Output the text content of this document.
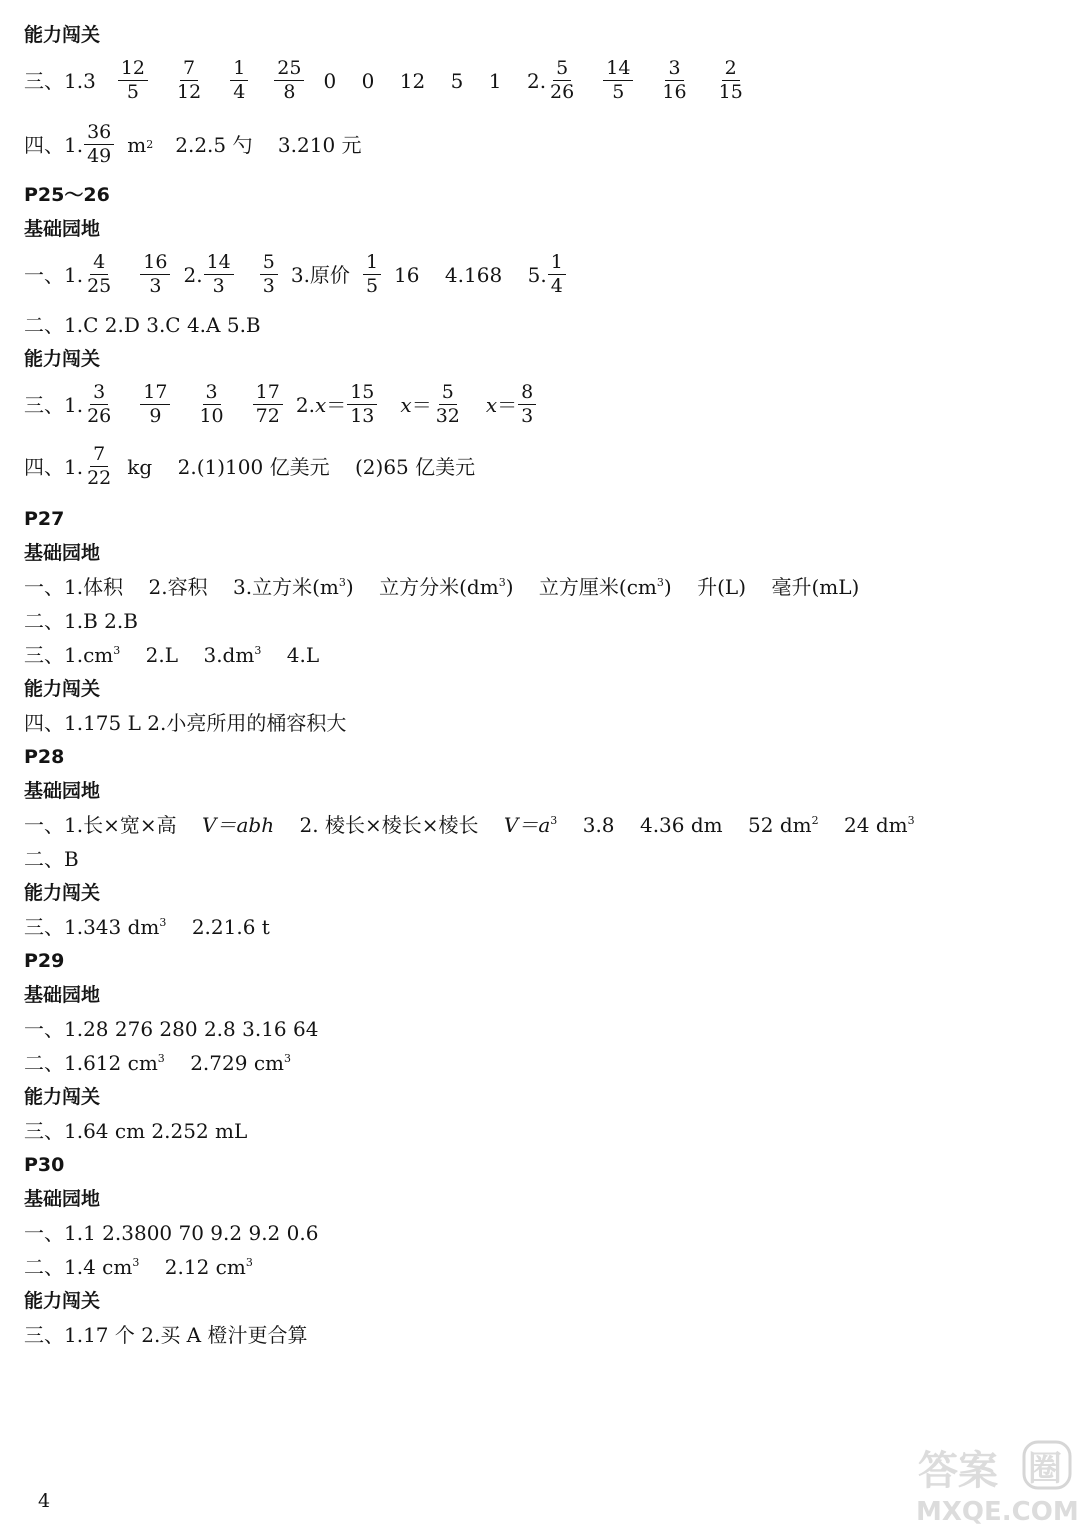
能力闯关
三、$1.3 \frac{12}{5} \frac{7}{12} \frac{1}{4} \frac{25}{8} 0$    0    12    5    1    2. $\frac{5}{26} \frac{14}{5} \frac{3}{16} \frac{2}{15}$
四、1. $\frac{36}{49}$ m 2 2.2.5 勺    3.210 元
P25～26
基础园地
一、1. $\frac{4}{25} \frac{16}{3} 2$. $\frac{14}{3} \frac{5}{3} 3$.原价 $\frac{1}{5} 16$    4.168    5. $\frac{1}{4}$
二、1.C 2.D 3.C 4.A 5.B
能力闯关
三、1. $\frac{3}{26} \frac{17}{9} \frac{3}{10} \frac{17}{72} 2$. $x = \frac{15}{13}$ $x = \frac{5}{32}$ $x = \frac{8}{3}$
四、1. $\frac{7}{22}$ kg    2.(1)100 亿美元    (2)65 亿美元
P27
基础园地
一、1.体积    2.容积    3.立方米$(m^3)$    立方分米$(dm^3)$    立方厘米$(cm^3)$    升(L)    毫升(mL)
二、1.B 2.B
三、$1.cm^3$    2.L    $3.dm^3$    4.L
能力闯关
四、1.175 L 2.小亮所用的桶容积大
P28
基础园地
一、1.长×宽×高    V＝abh    2. 棱长×棱长×棱长    $V=a^3$    3.8    4.36 dm    52 $dm^2$    24 $dm^3$
二、B
能力闯关
三、1.343 $dm^3$    2.21.6 t
P29
基础园地
一、1.28 276 280 2.8 3.16 64
二、1.612 $cm^3$    2.729 $cm^3$
能力闯关
三、1.64 cm 2.252 mL
P30
基础园地
一、1.1 2.3800 70 9.2 9.2 0.6
二、1.4 $cm^3$    2.12 $cm^3$
能力闯关
三、1.17 个 2.买 A 橙汁更合算
4
答案 圈
MXQE.COM
